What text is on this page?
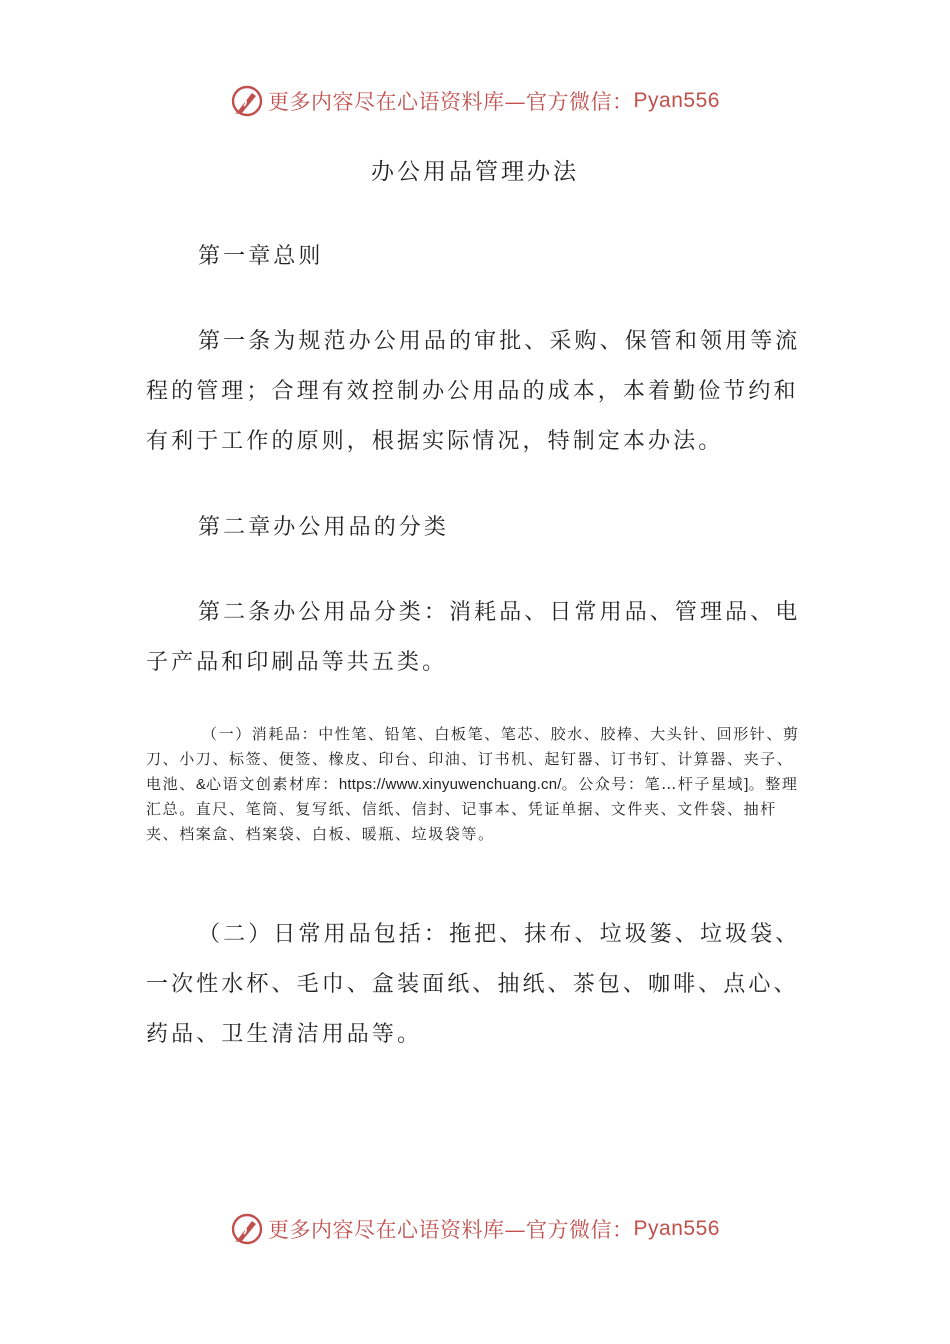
更多内容尽在心语资料库—官方微信： Pyan556
办公用品管理办法

第一章总则

第一条为规范办公用品的审批、采购、保管和领用等流程的管理；合理有效控制办公用品的成本，本着勤俭节约和有利于工作的原则，根据实际情况，特制定本办法。

第二章办公用品的分类

第二条办公用品分类：消耗品、日常用品、管理品、电子产品和印刷品等共五类。

（一）消耗品：中性笔、铅笔、白板笔、笔芯、胶水、胶棒、大头针、回形针、剪刀、小刀、标签、便签、橡皮、印台、印油、订书机、起钉器、订书钉、计算器、夹子、电池、&心语文创素材库：https://www.xinyuwenchuang.cn/。公众号：笔…杆子星域]。整理汇总。直尺、笔筒、复写纸、信纸、信封、记事本、凭证单据、文件夹、文件袋、抽杆夹、档案盒、档案袋、白板、暖瓶、垃圾袋等。

（二）日常用品包括：拖把、抹布、垃圾篓、垃圾袋、一次性水杯、毛巾、盒装面纸、抽纸、茶包、咖啡、点心、药品、卫生清洁用品等。

更多内容尽在心语资料库—官方微信： Pyan556
